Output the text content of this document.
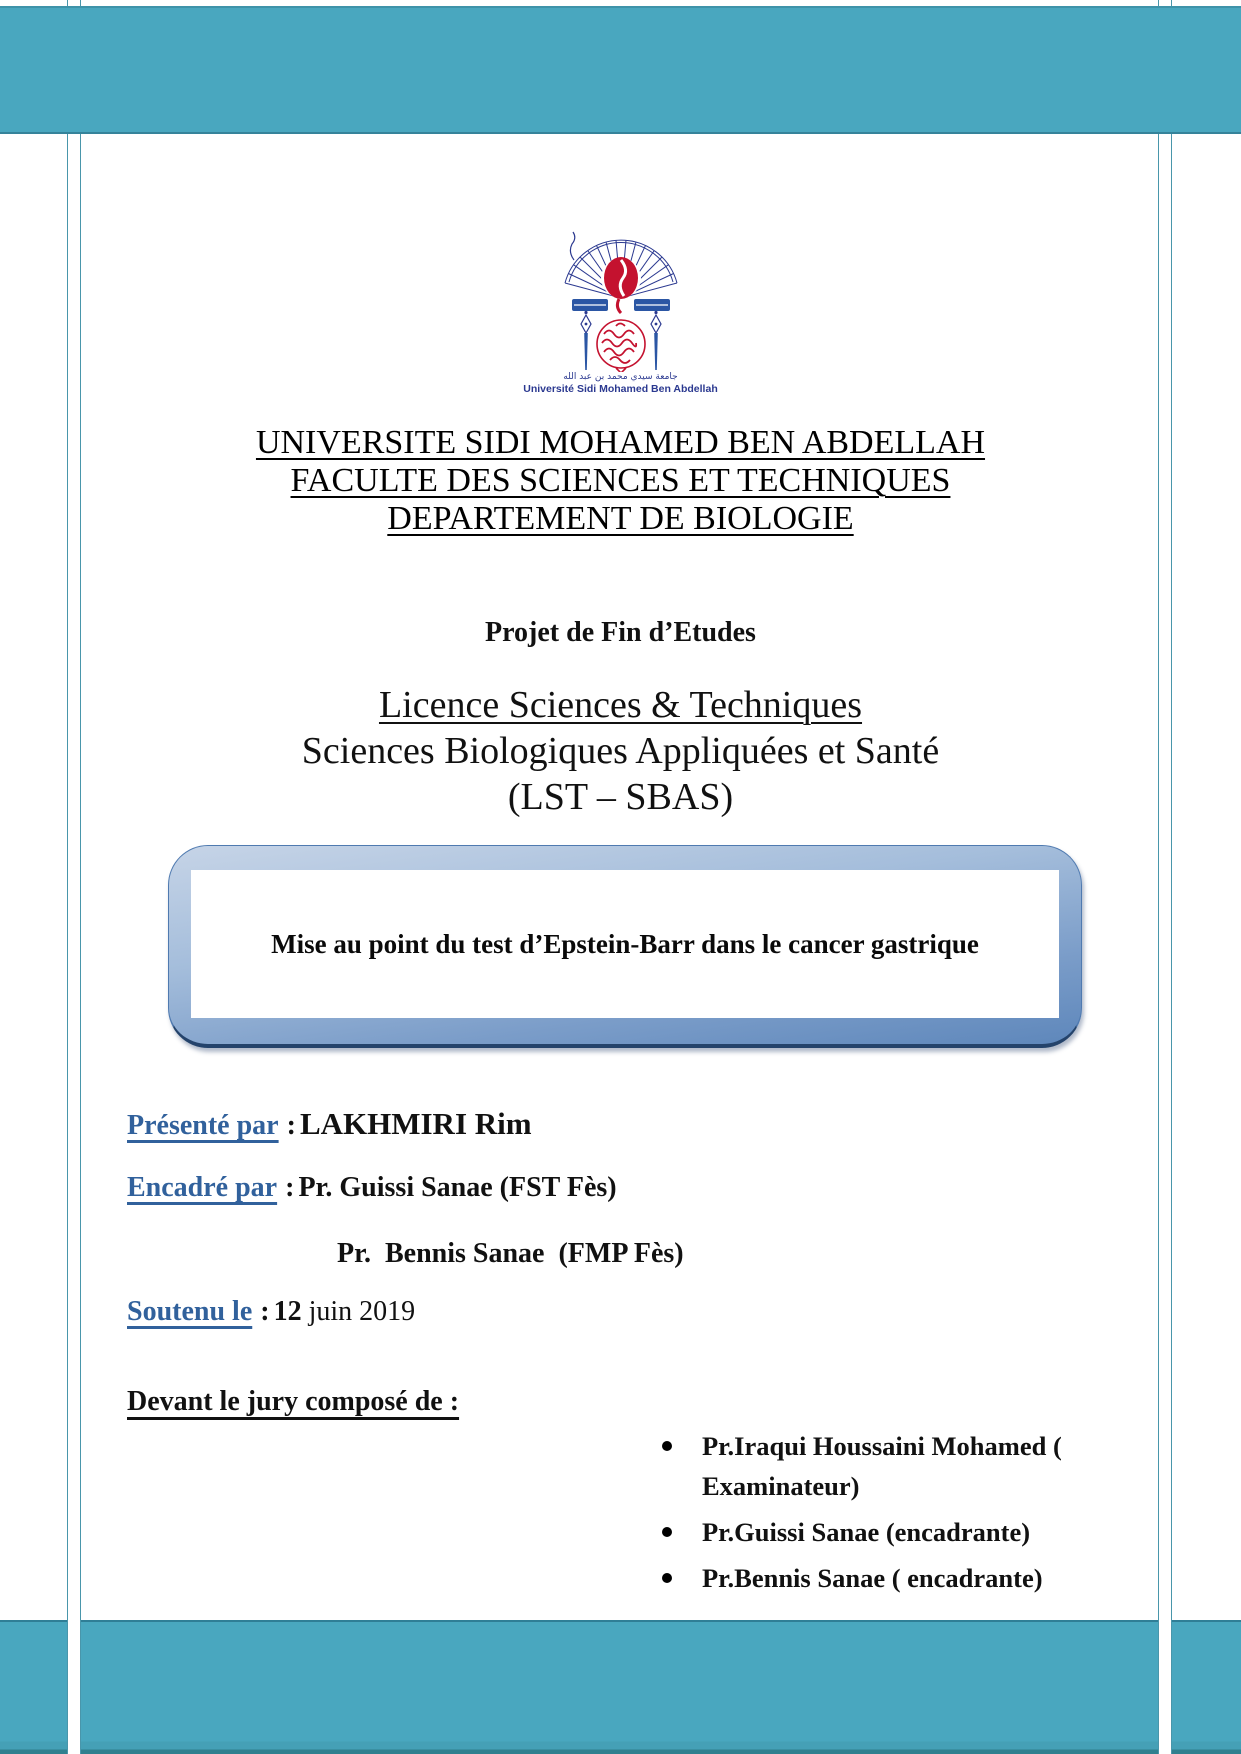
جامعة سيدي محمد بن عبد الله
Université Sidi Mohamed Ben Abdellah
UNIVERSITE SIDI MOHAMED BEN ABDELLAH
FACULTE DES SCIENCES ET TECHNIQUES
DEPARTEMENT DE BIOLOGIE
Projet de Fin d’Etudes
Licence Sciences & Techniques
Sciences Biologiques Appliquées et Santé
(LST – SBAS)
Mise au point du test d’Epstein-Barr dans le cancer gastrique
Présenté par : LAKHMIRI Rim
Encadré par : Pr. Guissi Sanae (FST Fès)
Pr.  Bennis Sanae  (FMP Fès)
Soutenu le : 12 juin 2019
Devant le jury composé de :
Pr.Iraqui Houssaini Mohamed ( Examinateur)
Pr.Guissi Sanae (encadrante)
Pr.Bennis Sanae ( encadrante)
